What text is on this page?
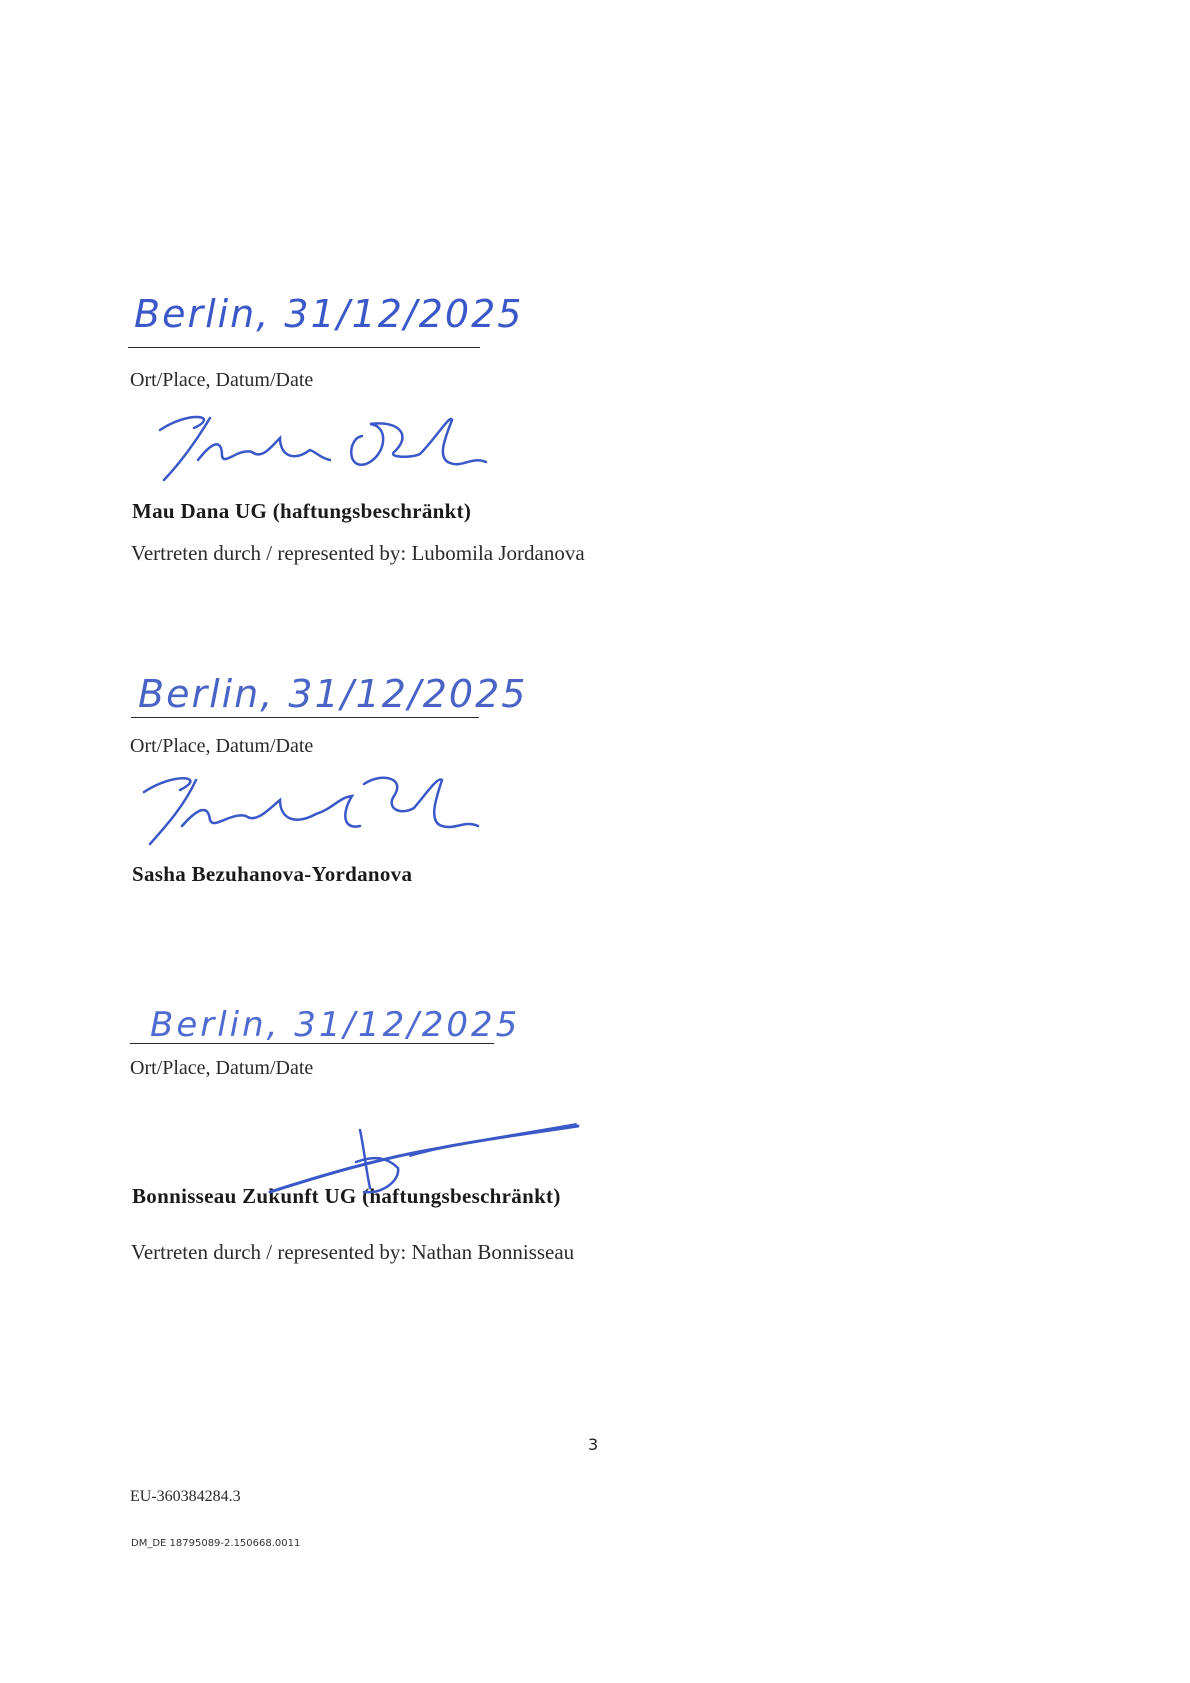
Berlin, 31/12/2025
Ort/Place, Datum/Date
Mau Dana UG (haftungsbeschränkt)
Vertreten durch / represented by: Lubomila Jordanova
Berlin, 31/12/2025
Ort/Place, Datum/Date
Sasha Bezuhanova-Yordanova
Berlin, 31/12/2025
Ort/Place, Datum/Date
Bonnisseau Zukunft UG (haftungsbeschränkt)
Vertreten durch / represented by: Nathan Bonnisseau
3
EU-360384284.3
DM_DE 18795089-2.150668.0011
